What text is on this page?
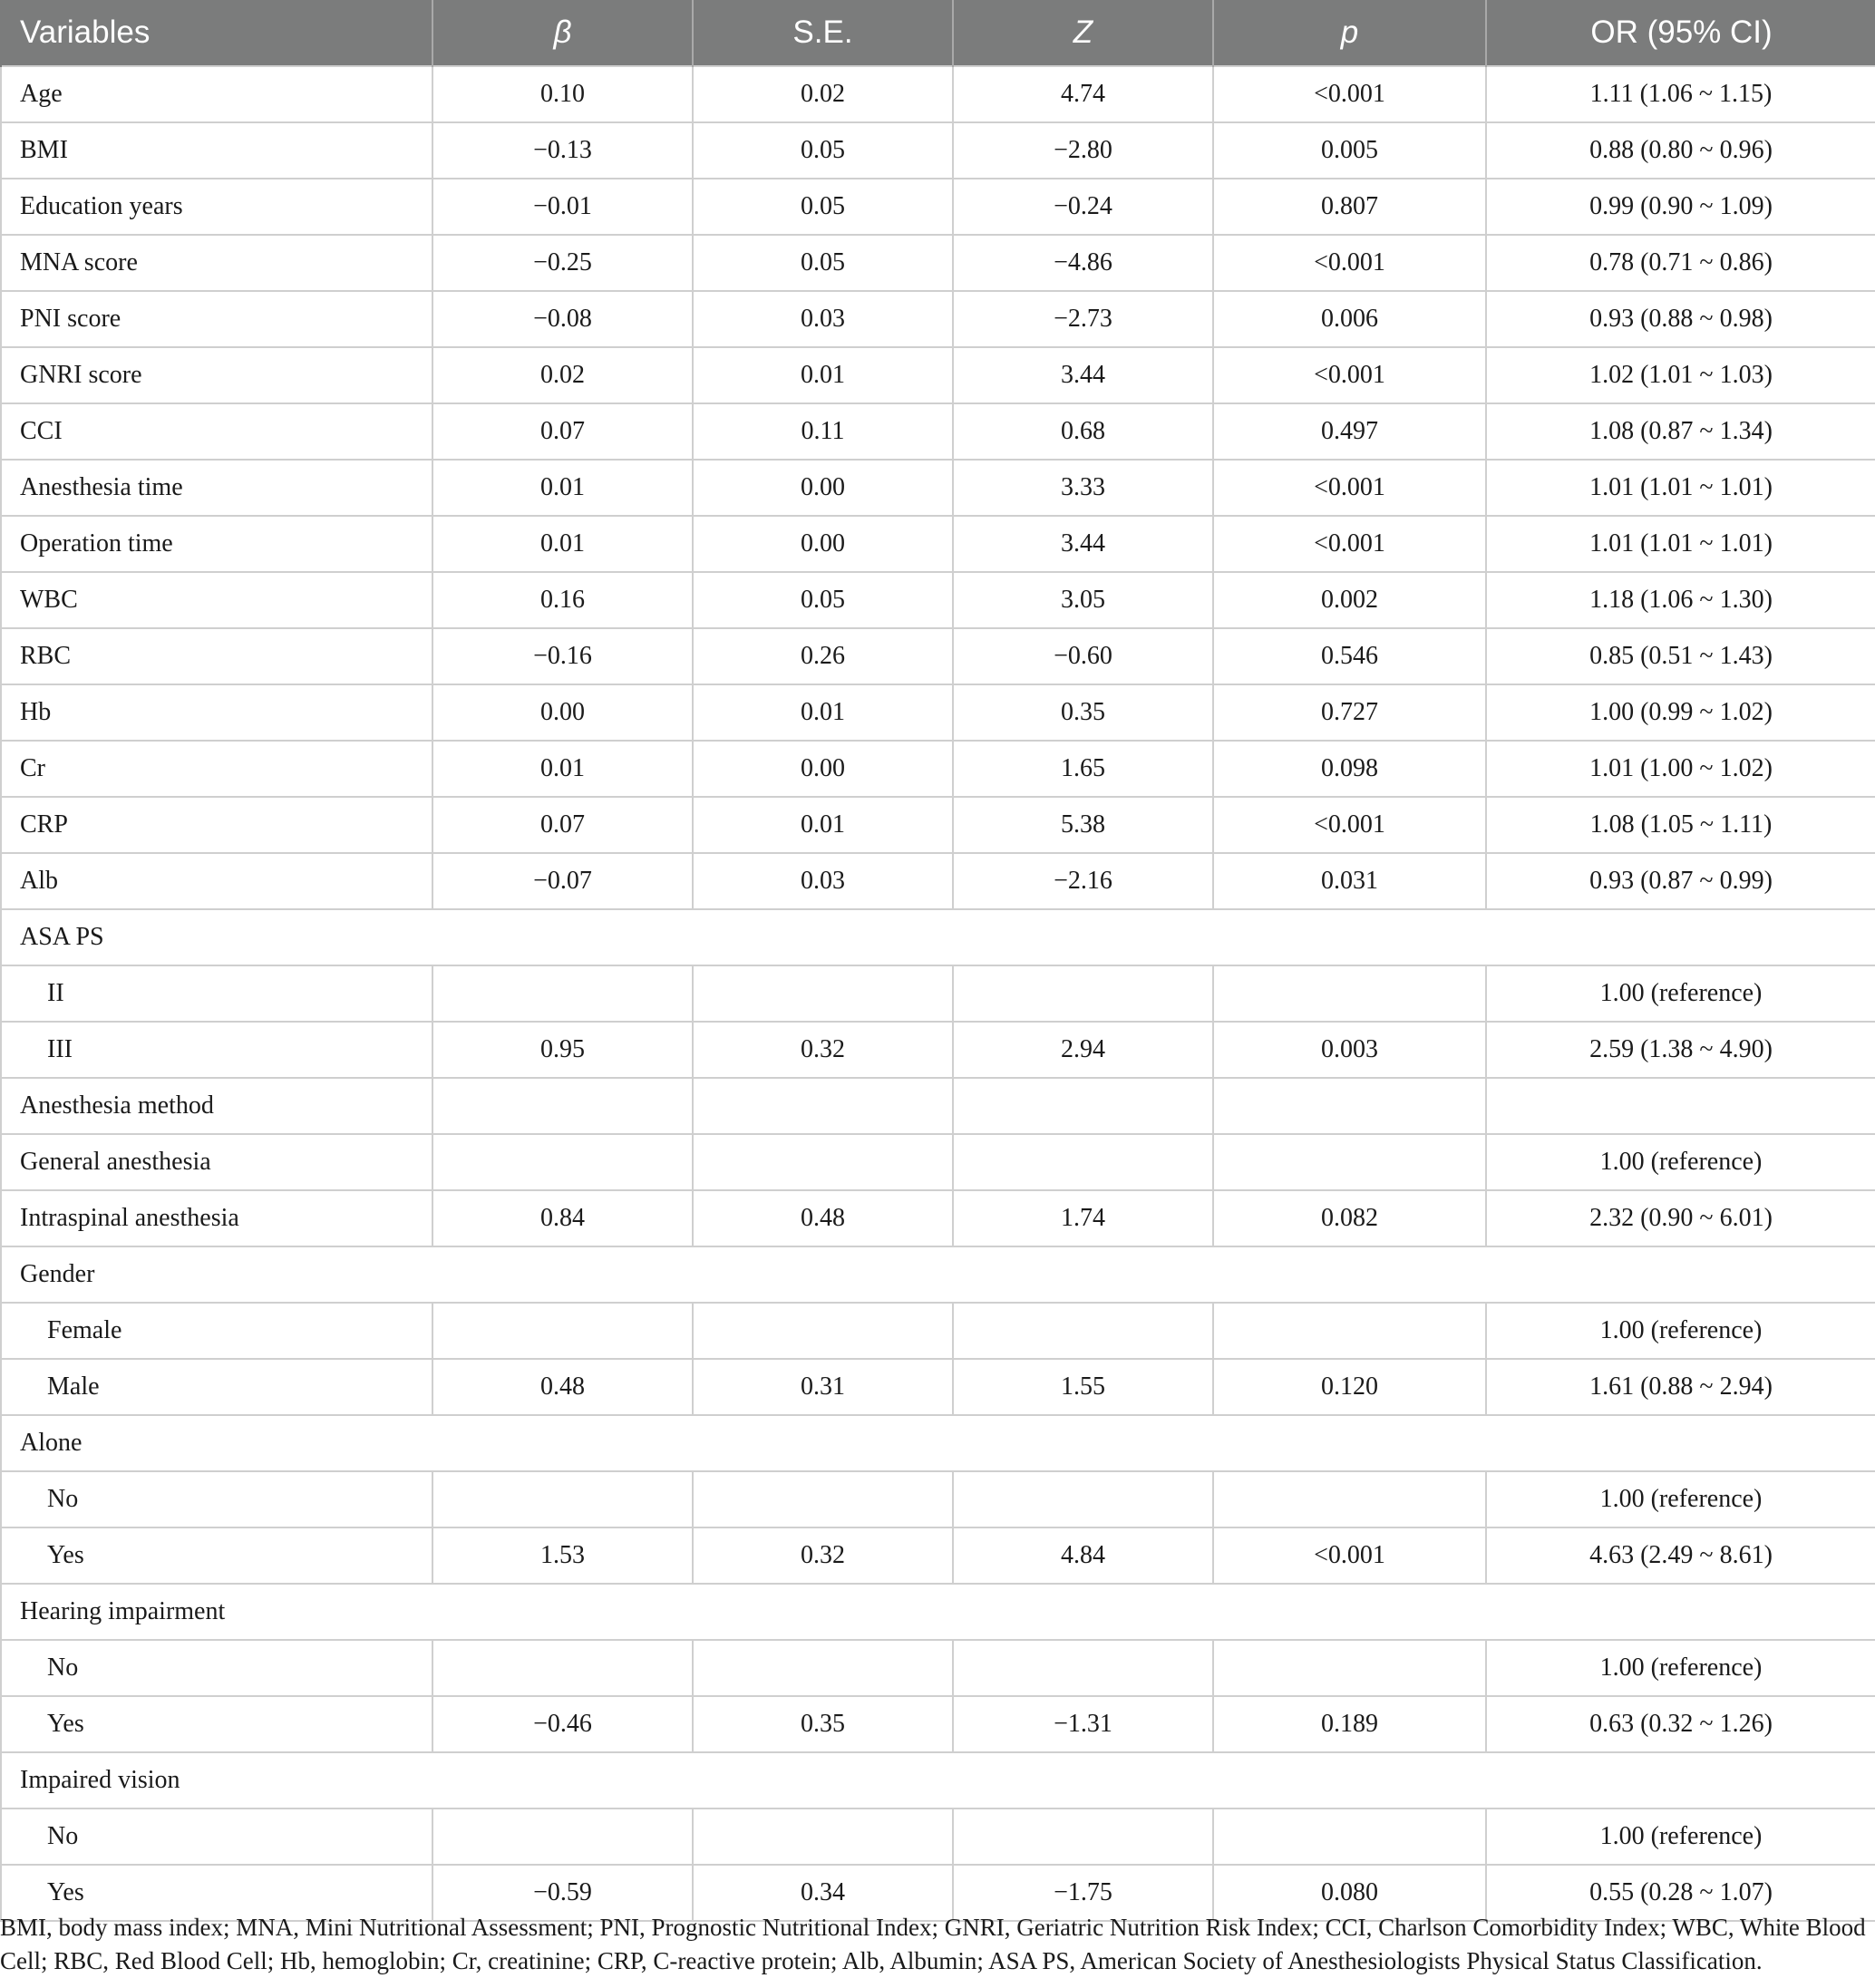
Variables	β	S.E.	Z	p	OR (95% CI)
Age	0.10	0.02	4.74	<0.001	1.11 (1.06 ~ 1.15)
BMI	−0.13	0.05	−2.80	0.005	0.88 (0.80 ~ 0.96)
Education years	−0.01	0.05	−0.24	0.807	0.99 (0.90 ~ 1.09)
MNA score	−0.25	0.05	−4.86	<0.001	0.78 (0.71 ~ 0.86)
PNI score	−0.08	0.03	−2.73	0.006	0.93 (0.88 ~ 0.98)
GNRI score	0.02	0.01	3.44	<0.001	1.02 (1.01 ~ 1.03)
CCI	0.07	0.11	0.68	0.497	1.08 (0.87 ~ 1.34)
Anesthesia time	0.01	0.00	3.33	<0.001	1.01 (1.01 ~ 1.01)
Operation time	0.01	0.00	3.44	<0.001	1.01 (1.01 ~ 1.01)
WBC	0.16	0.05	3.05	0.002	1.18 (1.06 ~ 1.30)
RBC	−0.16	0.26	−0.60	0.546	0.85 (0.51 ~ 1.43)
Hb	0.00	0.01	0.35	0.727	1.00 (0.99 ~ 1.02)
Cr	0.01	0.00	1.65	0.098	1.01 (1.00 ~ 1.02)
CRP	0.07	0.01	5.38	<0.001	1.08 (1.05 ~ 1.11)
Alb	−0.07	0.03	−2.16	0.031	0.93 (0.87 ~ 0.99)
ASA PS					
II					1.00 (reference)
III	0.95	0.32	2.94	0.003	2.59 (1.38 ~ 4.90)
Anesthesia method					
General anesthesia					1.00 (reference)
Intraspinal anesthesia	0.84	0.48	1.74	0.082	2.32 (0.90 ~ 6.01)
Gender					
Female					1.00 (reference)
Male	0.48	0.31	1.55	0.120	1.61 (0.88 ~ 2.94)
Alone					
No					1.00 (reference)
Yes	1.53	0.32	4.84	<0.001	4.63 (2.49 ~ 8.61)
Hearing impairment					
No					1.00 (reference)
Yes	−0.46	0.35	−1.31	0.189	0.63 (0.32 ~ 1.26)
Impaired vision					
No					1.00 (reference)
Yes	−0.59	0.34	−1.75	0.080	0.55 (0.28 ~ 1.07)

BMI, body mass index; MNA, Mini Nutritional Assessment; PNI, Prognostic Nutritional Index; GNRI, Geriatric Nutrition Risk Index; CCI, Charlson Comorbidity Index; WBC, White Blood Cell; RBC, Red Blood Cell; Hb, hemoglobin; Cr, creatinine; CRP, C-reactive protein; Alb, Albumin; ASA PS, American Society of Anesthesiologists Physical Status Classification.
